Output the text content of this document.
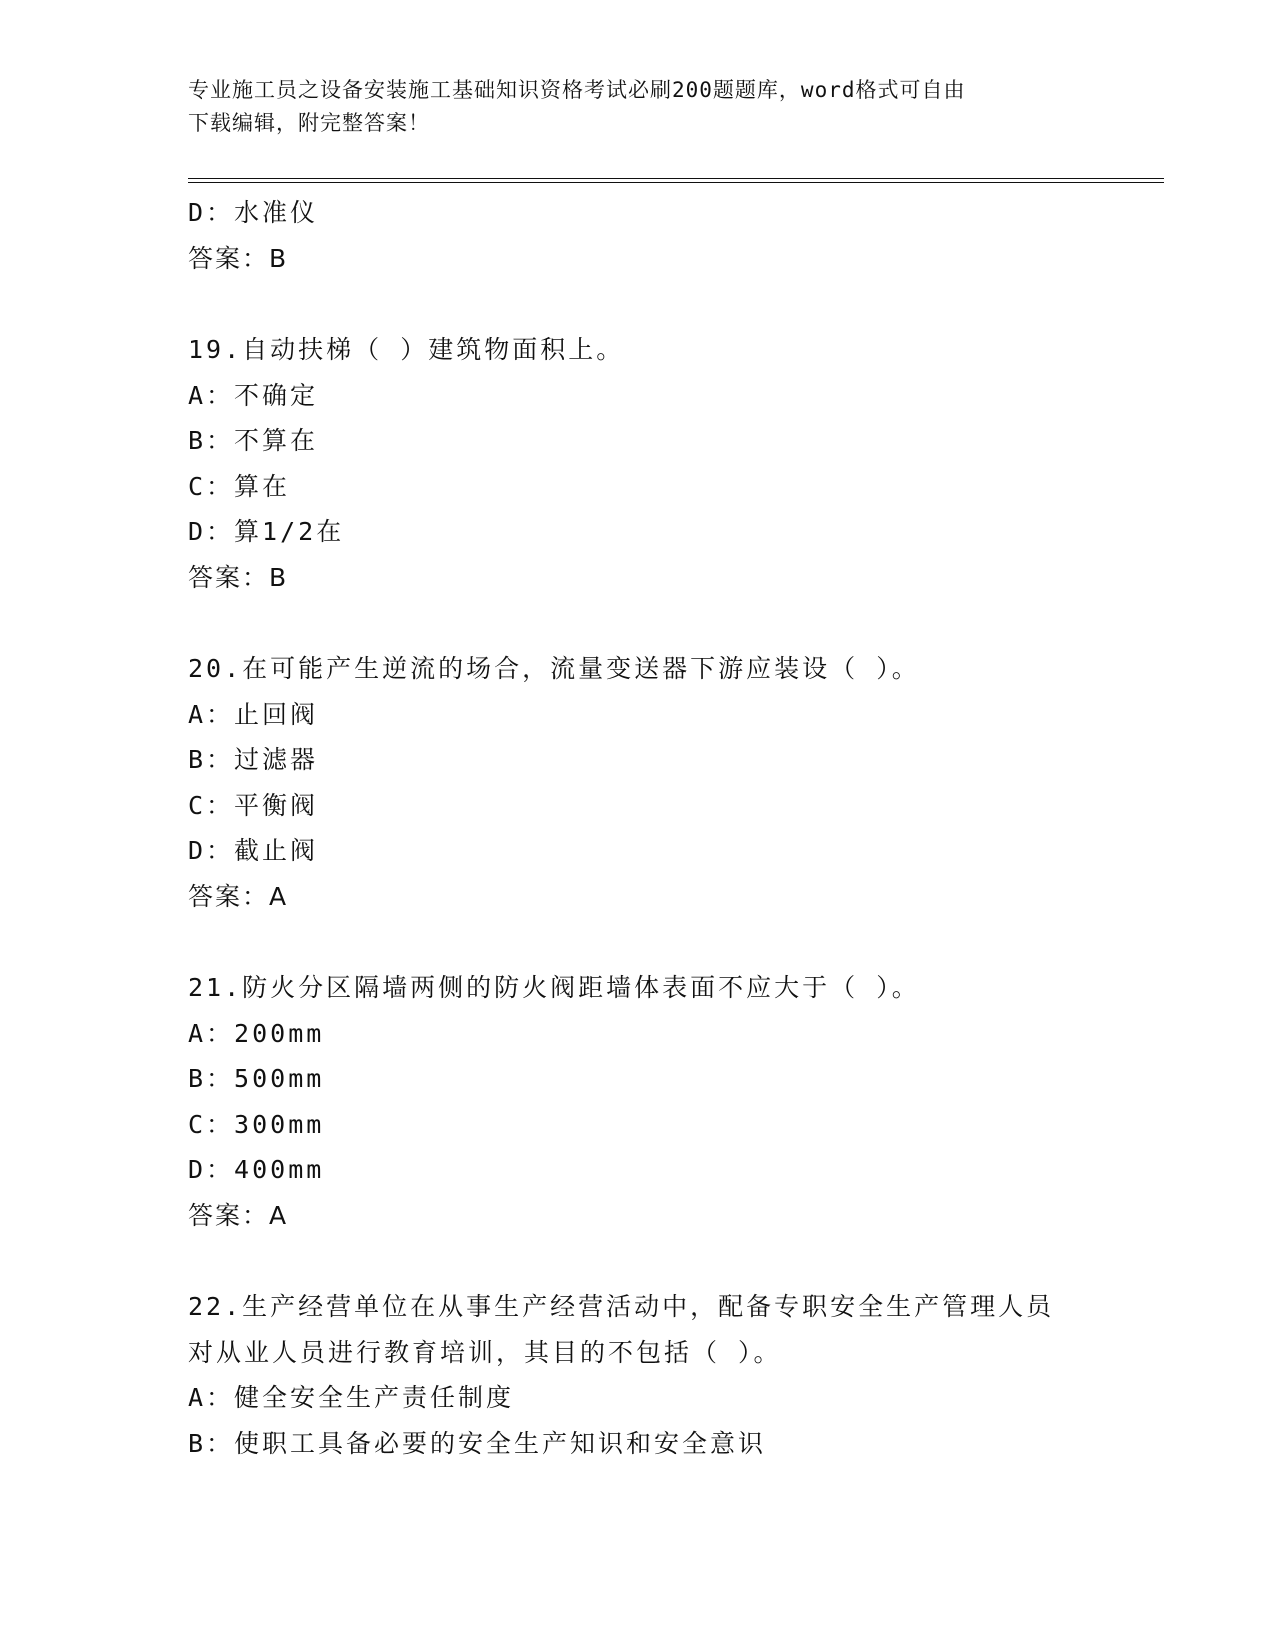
专业施工员之设备安装施工基础知识资格考试必刷200题题库，word格式可自由
下载编辑，附完整答案！
D：水准仪
答案：B
19.自动扶梯（ ）建筑物面积上。
A：不确定
B：不算在
C：算在
D：算1/2在
答案：B
20.在可能产生逆流的场合，流量变送器下游应装设（ ）。
A：止回阀
B：过滤器
C：平衡阀
D：截止阀
答案：A
21.防火分区隔墙两侧的防火阀距墙体表面不应大于（ ）。
A：200mm
B：500mm
C：300mm
D：400mm
答案：A
22.生产经营单位在从事生产经营活动中，配备专职安全生产管理人员
对从业人员进行教育培训，其目的不包括（ ）。
A：健全安全生产责任制度
B：使职工具备必要的安全生产知识和安全意识
